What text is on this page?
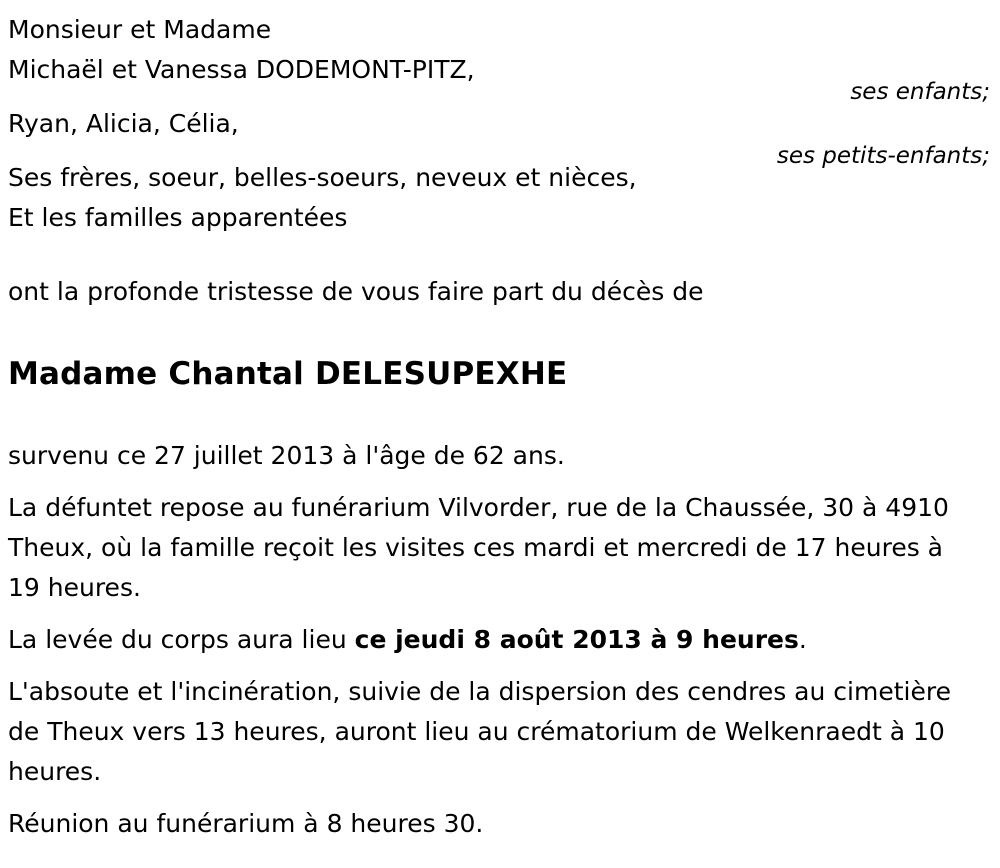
Monsieur et Madame
Michaël et Vanessa DODEMONT-PITZ,
Ryan, Alicia, Célia,
Ses frères, soeur, belles-soeurs, neveux et nièces,
Et les familles apparentées
ses enfants;
ses petits-enfants;
ont la profonde tristesse de vous faire part du décès de
Madame Chantal DELESUPEXHE
survenu ce 27 juillet 2013 à l'âge de 62 ans.
La défuntet repose au funérarium Vilvorder, rue de la Chaussée, 30 à 4910 Theux, où la famille reçoit les visites ces mardi et mercredi de 17 heures à 19 heures.
La levée du corps aura lieu ce jeudi 8 août 2013 à 9 heures.
L'absoute et l'incinération, suivie de la dispersion des cendres au cimetière de Theux vers 13 heures, auront lieu au crématorium de Welkenraedt à 10 heures.
Réunion au funérarium à 8 heures 30.
